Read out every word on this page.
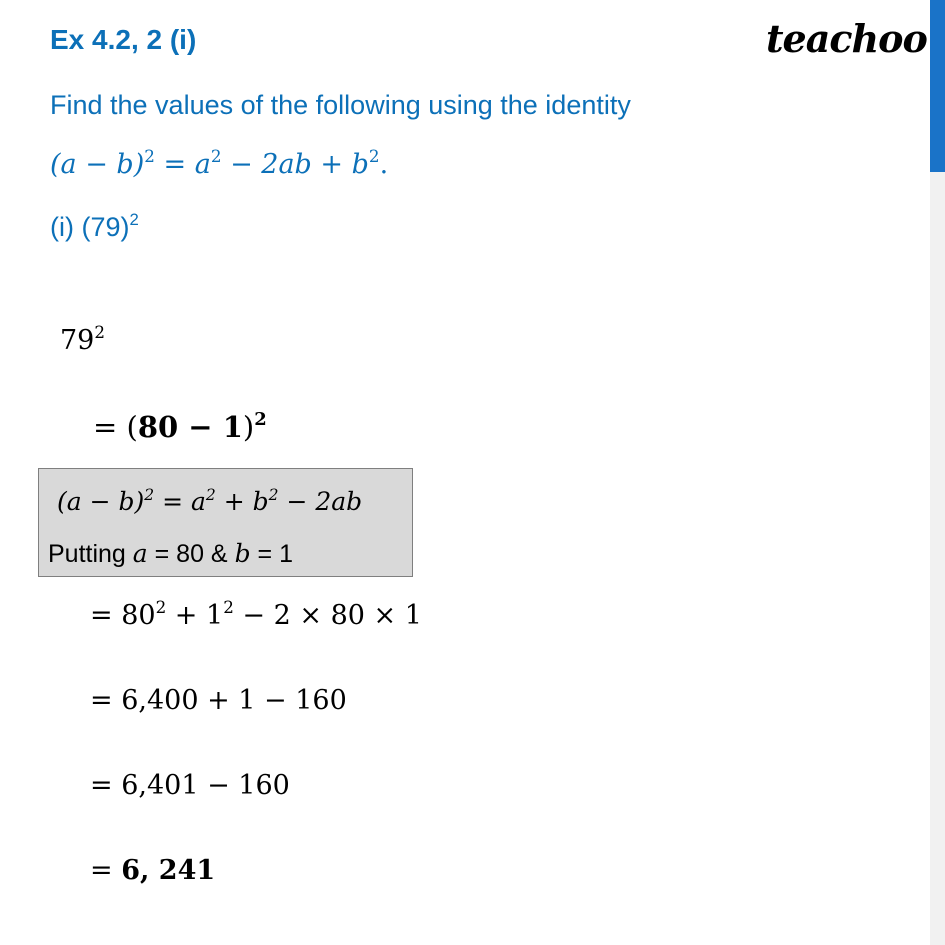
Ex 4.2, 2 (i)	teachoo
Find the values of the following using the identity
$(a - b)^2 = a^2 - 2ab + b^2$.
(i) $(79)^2$
$79^2$
= $(80 - 1)^2$
$(a - b)^2 = a^2 + b^2 - 2ab$
Putting a = 80 & b = 1
= $80^2 + 1^2 - 2 \times 80 \times 1$
= 6,400 + 1 − 160
= 6,401 − 160
= 6, 241
